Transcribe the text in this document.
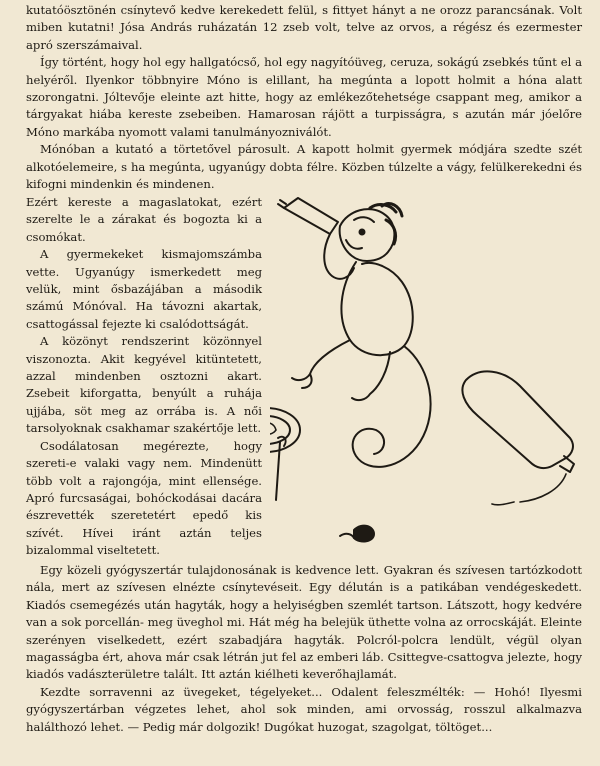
kutatóösztönén csínytevő kedve kerekedett felül, s fittyet hányt a ne orozz parancsának. Volt miben kutatni! Jósa András ruházatán 12 zseb volt, telve az orvos, a régész és ezermester apró szerszámaival.

Így történt, hogy hol egy hallgatócső, hol egy nagyítóüveg, ceruza, sokágú zsebkés tűnt el a helyéről. Ilyenkor többnyire Móno is elillant, ha megúnta a lopott holmit a hóna alatt szorongatni. Jóltevője eleinte azt hitte, hogy az emlékezőtehetsége csappant meg, amikor a tárgyakat hiába kereste zsebeiben. Hamarosan rájött a turpisságra, s azután már jóelőre Móno markába nyomott valami tanulmányozniválót.

Mónóban a kutató a törtetővel párosult. A kapott holmit gyermek módjára szedte szét alkotóelemeire, s ha megúnta, ugyanúgy dobta félre. Közben túlzelte a vágy, felülkerekedni és kifogni mindenkin és mindenen.

Ezért kereste a magaslatokat, ezért szerelte le a zárakat és bogozta ki a csomókat.

A gyermekeket kismajomszámba vette. Ugyanúgy ismerkedett meg velük, mint ősbazájában a második számú Mónóval. Ha távozni akartak, csattogással fejezte ki csalódottságát.

A közönyt rendszerint közönnyel viszonozta. Akit kegyével kitüntetett, azzal mindenben osztozni akart. Zsebeit kiforgatta, benyúlt a ruhája ujjába, söt meg az orrába is. A női tarsolyoknak csakhamar szakértője lett.

Csodálatosan megérezte, hogy szereti-e valaki vagy nem. Mindenütt több volt a rajongója, mint ellensége. Apró furcsaságai, bohóckodásai dacára észrevették szeretetért epedő kis szívét. Hívei iránt aztán teljes bizalommal viseltetett.

Egy közeli gyógyszertár tulajdonosának is kedvence lett. Gyakran és szívesen tartózkodott nála, mert az szívesen elnézte csínytevéseit. Egy délután is a patikában vendégeskedett. Kiadós csemegézés után hagyták, hogy a helyiségben szemlét tartson. Látszott, hogy kedvére van a sok porcellán- meg üveghol mi. Hát még ha belejük üthette volna az orrocskáját. Eleinte szerényen viselkedett, ezért szabadjára hagyták. Polcról-polcra lendült, végül olyan magasságba ért, ahova már csak létrán jut fel az emberi láb. Csittegve-csattogva jelezte, hogy kiadós vadászterületre talált. Itt aztán kiélheti keverőhajlamát.

Kezdte sorravenni az üvegeket, tégelyeket... Odalent feleszmélték: — Hohó! Ilyesmi gyógyszertárban végzetes lehet, ahol sok minden, ami orvosság, rosszul alkalmazva halálthozó lehet. — Pedig már dolgozik! Dugókat huzogat, szagolgat, töltöget...
